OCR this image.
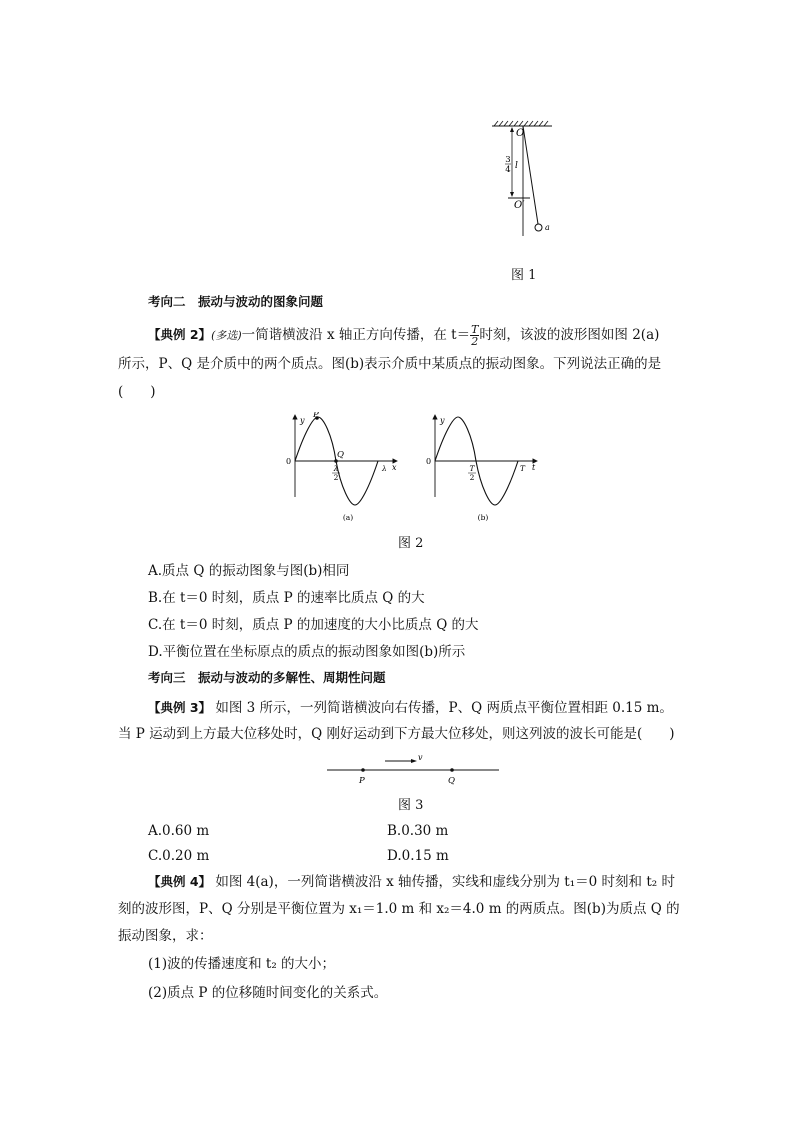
O
O′
3
4 l
a
图 1
考向二　振动与波动的图象问题
【典例 2】(多选)一简谐横波沿 x 轴正方向传播，在 $t= \frac{T}{2}$ 时刻，该波的波形图如图 2(a)
所示，P、Q 是介质中的两个质点。图(b)表示介质中某质点的振动图象。下列说法正确的是
(　　)
y
x
0
P
Q
λ
2
λ
(a)
y
t
0
T
2
T
(b)
图 2
A.质点 Q 的振动图象与图(b)相同
B.在 t＝0 时刻，质点 P 的速率比质点 Q 的大
C.在 t＝0 时刻，质点 P 的加速度的大小比质点 Q 的大
D.平衡位置在坐标原点的质点的振动图象如图(b)所示
考向三　振动与波动的多解性、周期性问题
【典例 3】 如图 3 所示，一列简谐横波向右传播，P、Q 两质点平衡位置相距 0.15 m。
当 P 运动到上方最大位移处时，Q 刚好运动到下方最大位移处，则这列波的波长可能是(　　)
v
P	Q
图 3
A.0.60 m	B.0.30 m
C.0.20 m	D.0.15 m
【典例 4】 如图 4(a)，一列简谐横波沿 x 轴传播，实线和虚线分别为 t₁＝0 时刻和 t₂ 时
刻的波形图，P、Q 分别是平衡位置为 x₁＝1.0 m 和 x₂＝4.0 m 的两质点。图(b)为质点 Q 的
振动图象，求：
(1)波的传播速度和 t₂ 的大小；
(2)质点 P 的位移随时间变化的关系式。
